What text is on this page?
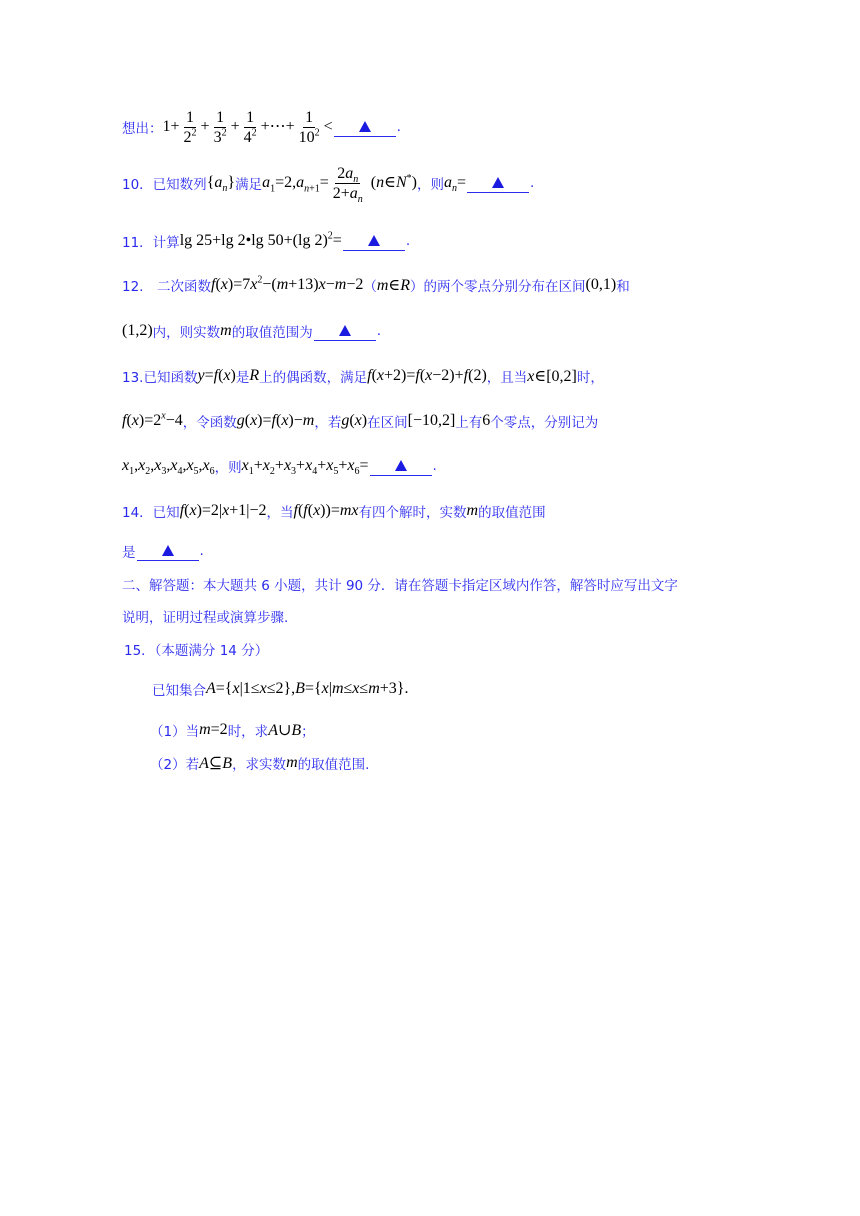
想出： $1+ \frac{1}{2^2} + \frac{1}{3^2} + \frac{1}{4^2}$ +⋯+ $\frac{1}{10^2}$ <	.
10．已知数列 $\{a_n\}$ 满足 $a_1=2,a_{n+1}= \frac{2a_n}{2+a_n}$ (n∈N*) ，则 $a_n=$	.
11．计算 lg 25+lg 2•lg 50+(lg 2)$^2$=	.
12.　二次函数 $f(x)=7x^2-(m+13)x-m-2$ （ m∈R ）的两个零点分别分布在区间 (0,1) 和
(1,2) 内，则实数 m 的取值范围为	.
13.已知函数 y=f(x) 是 R 上的偶函数，满足 f(x+2)=f(x−2)+f(2) ，且当 x∈[0,2] 时，
$f(x)=2^x-4$ ，令函数 g(x)=f(x)−m ，若 g(x) 在区间 [−10,2] 上有 6 个零点，分别记为
$x_1,x_2,x_3,x_4,x_5,x_6$ ，则 $x_1+x_2+x_3+x_4+x_5+x_6=$	.
14．已知 f(x)=2|x+1|−2 ，当 f(f(x))=mx 有四个解时，实数 m 的取值范围
是	.
二、解答题：本大题共 6 小题，共计 90 分．请在答题卡指定区域内作答，解答时应写出文字
说明，证明过程或演算步骤.
15．（本题满分 14 分）
已知集合 A={x|1≤x≤2},B={x|m≤x≤m+3}.
（1）当 m=2 时，求 A∪B ；
（2）若 A⊆B ，求实数 m 的取值范围.
